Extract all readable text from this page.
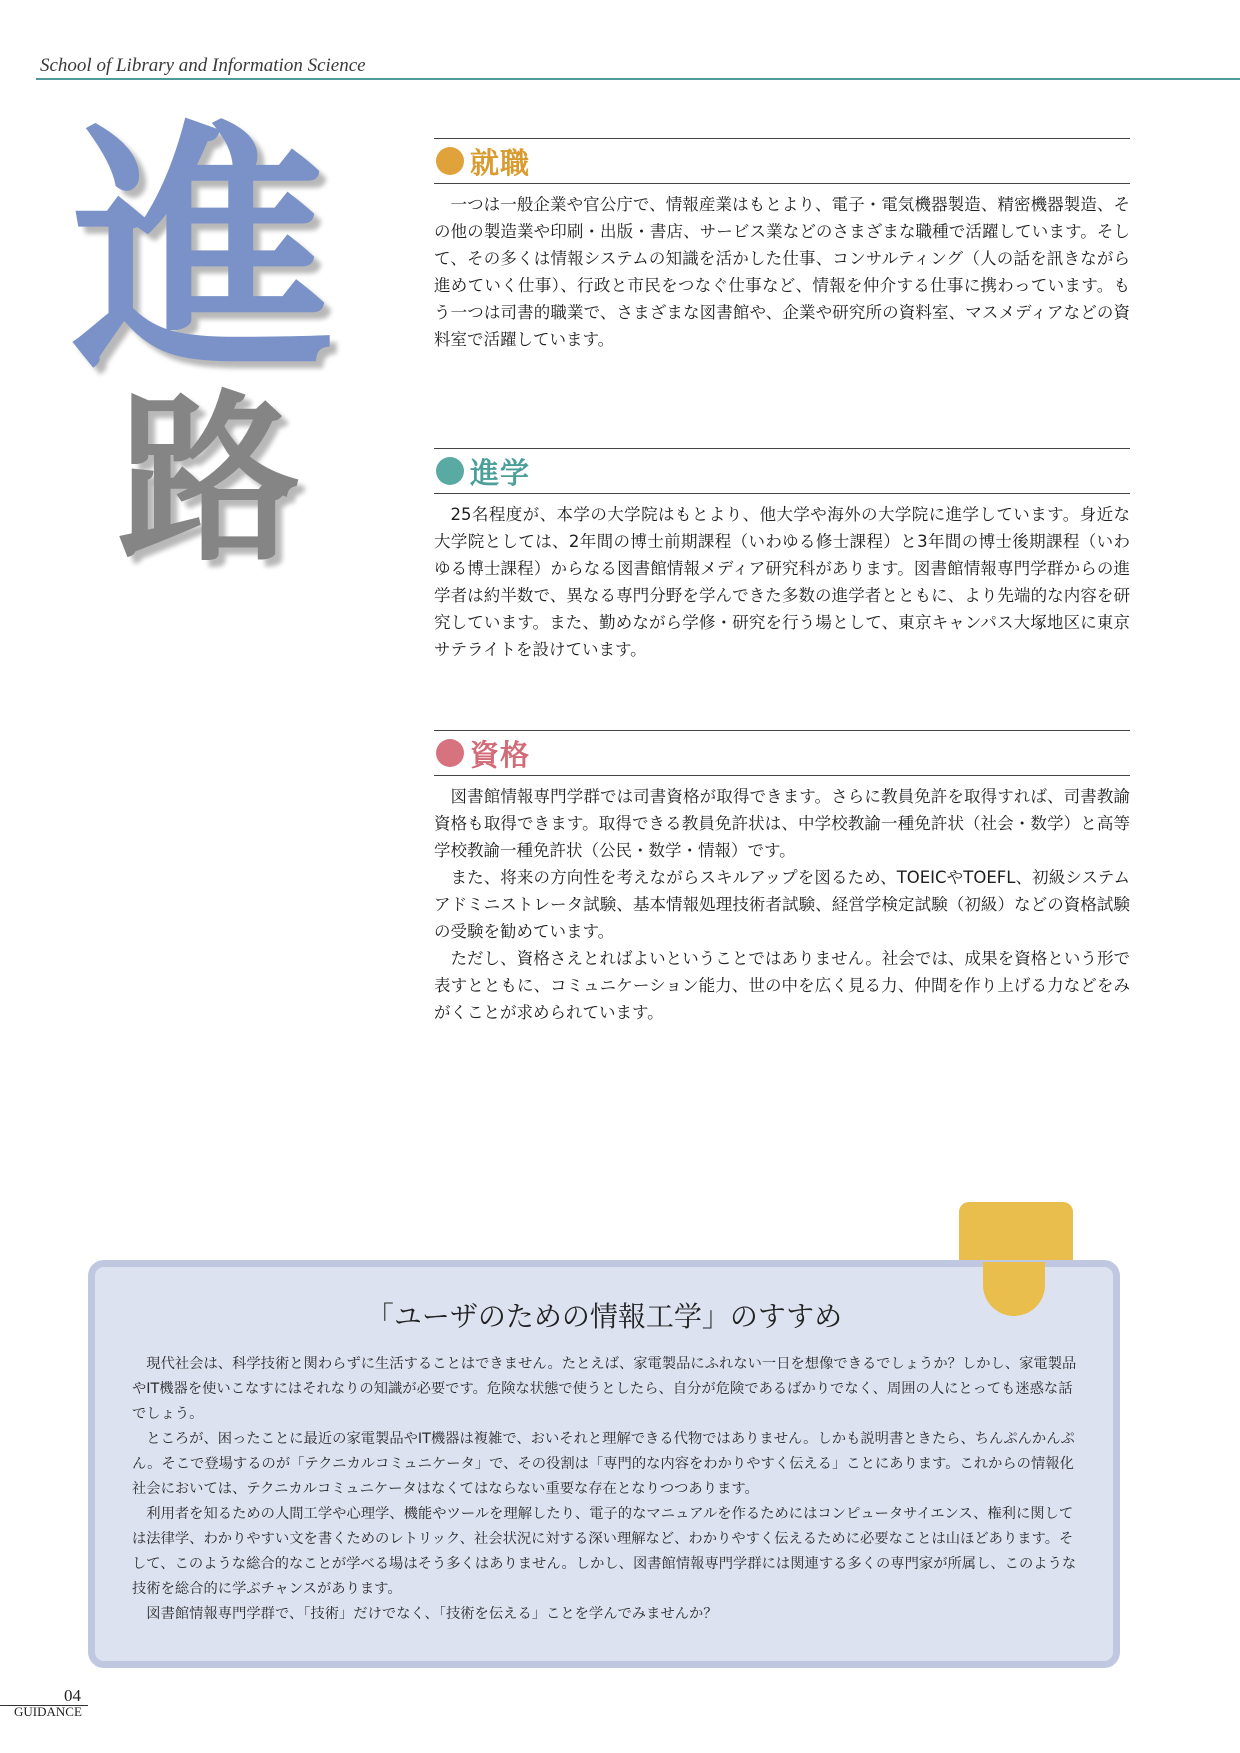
School of Library and Information Science
進
路
就職

一つは一般企業や官公庁で、情報産業はもとより、電子・電気機器製造、精密機器製造、その他の製造業や印刷・出版・書店、サービス業などのさまざまな職種で活躍しています。そして、その多くは情報システムの知識を活かした仕事、コンサルティング（人の話を訊きながら進めていく仕事）、行政と市民をつなぐ仕事など、情報を仲介する仕事に携わっています。もう一つは司書的職業で、さまざまな図書館や、企業や研究所の資料室、マスメディアなどの資料室で活躍しています。

進学

25名程度が、本学の大学院はもとより、他大学や海外の大学院に進学しています。身近な大学院としては、2年間の博士前期課程（いわゆる修士課程）と3年間の博士後期課程（いわゆる博士課程）からなる図書館情報メディア研究科があります。図書館情報専門学群からの進学者は約半数で、異なる専門分野を学んできた多数の進学者とともに、より先端的な内容を研究しています。また、勤めながら学修・研究を行う場として、東京キャンパス大塚地区に東京サテライトを設けています。

資格

図書館情報専門学群では司書資格が取得できます。さらに教員免許を取得すれば、司書教諭資格も取得できます。取得できる教員免許状は、中学校教諭一種免許状（社会・数学）と高等学校教諭一種免許状（公民・数学・情報）です。

また、将来の方向性を考えながらスキルアップを図るため、TOEICやTOEFL、初級システムアドミニストレータ試験、基本情報処理技術者試験、経営学検定試験（初級）などの資格試験の受験を勧めています。

ただし、資格さえとればよいということではありません。社会では、成果を資格という形で表すとともに、コミュニケーション能力、世の中を広く見る力、仲間を作り上げる力などをみがくことが求められています。

「ユーザのための情報工学」のすすめ

現代社会は、科学技術と関わらずに生活することはできません。たとえば、家電製品にふれない一日を想像できるでしょうか？しかし、家電製品やIT機器を使いこなすにはそれなりの知識が必要です。危険な状態で使うとしたら、自分が危険であるばかりでなく、周囲の人にとっても迷惑な話でしょう。

ところが、困ったことに最近の家電製品やIT機器は複雑で、おいそれと理解できる代物ではありません。しかも説明書ときたら、ちんぷんかんぷん。そこで登場するのが「テクニカルコミュニケータ」で、その役割は「専門的な内容をわかりやすく伝える」ことにあります。これからの情報化社会においては、テクニカルコミュニケータはなくてはならない重要な存在となりつつあります。

利用者を知るための人間工学や心理学、機能やツールを理解したり、電子的なマニュアルを作るためにはコンピュータサイエンス、権利に関しては法律学、わかりやすい文を書くためのレトリック、社会状況に対する深い理解など、わかりやすく伝えるために必要なことは山ほどあります。そして、このような総合的なことが学べる場はそう多くはありません。しかし、図書館情報専門学群には関連する多くの専門家が所属し、このような技術を総合的に学ぶチャンスがあります。

図書館情報専門学群で、「技術」だけでなく、「技術を伝える」ことを学んでみませんか？

04
GUIDANCE
